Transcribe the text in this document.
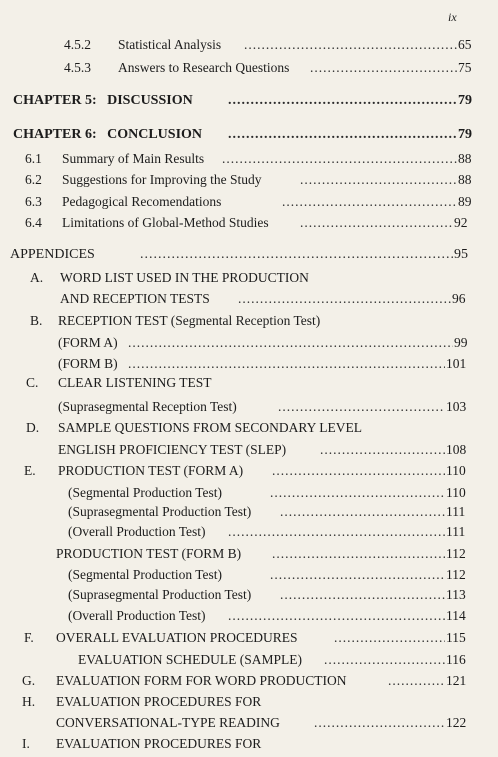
ix
4.5.2 Statistical Analysis .....	65
4.5.3 Answers to Research Questions .....	75
CHAPTER 5:   DISCUSSION .....	79
CHAPTER 6:   CONCLUSION .....	79
6.1 Summary of Main Results .....	88
6.2 Suggestions for Improving the Study .....	88
6.3 Pedagogical Recomendations .....	89
6.4 Limitations of Global-Method Studies .....	92
APPENDICES .....	95
A. WORD LIST USED IN THE PRODUCTION
AND RECEPTION TESTS .....	96
B. RECEPTION TEST (Segmental Reception Test)
(FORM A) .....	99
(FORM B) .....	101
C. CLEAR LISTENING TEST
(Suprasegmental Reception Test) .....	103
D. SAMPLE QUESTIONS FROM SECONDARY LEVEL
ENGLISH PROFICIENCY TEST (SLEP) .....	108
E. PRODUCTION TEST (FORM A) .....	110
(Segmental Production Test) .....	110
(Suprasegmental Production Test) .....	111
(Overall Production Test) .....	111
PRODUCTION TEST (FORM B) .....	112
(Segmental Production Test) .....	112
(Suprasegmental Production Test) .....	113
(Overall Production Test) .....	114
F. OVERALL EVALUATION PROCEDURES .....	115
EVALUATION SCHEDULE (SAMPLE) .....	116
G. EVALUATION FORM FOR WORD PRODUCTION .....	121
H. EVALUATION PROCEDURES FOR
CONVERSATIONAL-TYPE READING .....	122
I. EVALUATION PROCEDURES FOR
